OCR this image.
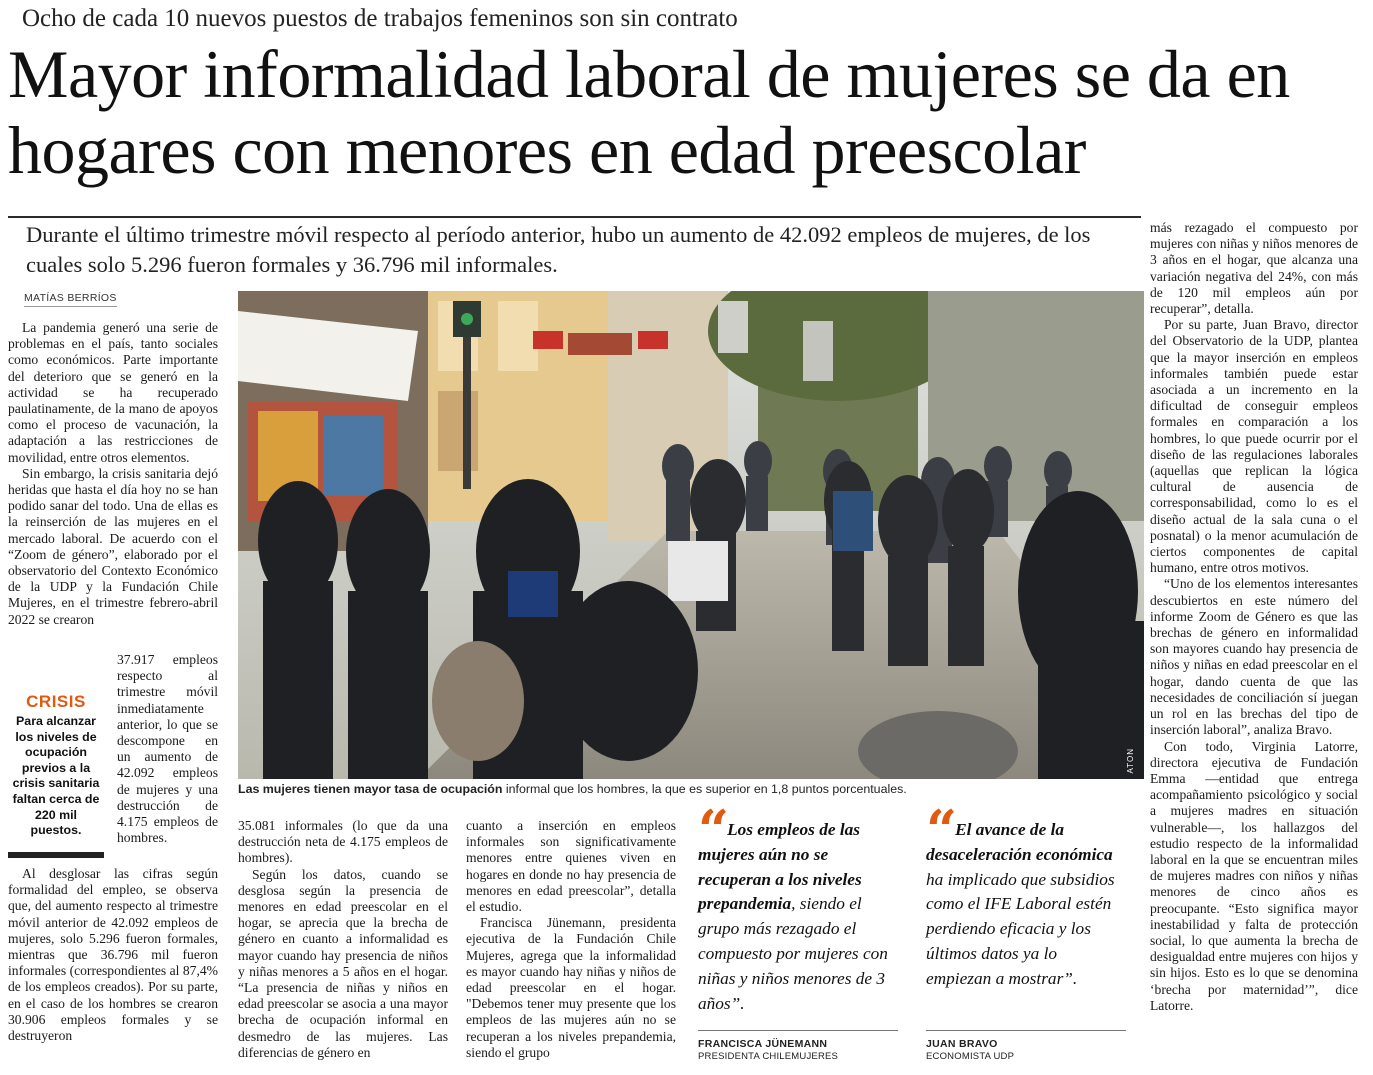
Ocho de cada 10 nuevos puestos de trabajos femeninos son sin contrato
Mayor informalidad laboral de mujeres se da en hogares con menores en edad preescolar
Durante el último trimestre móvil respecto al período anterior, hubo un aumento de 42.092 empleos de mujeres, de los cuales solo 5.296 fueron formales y 36.796 mil informales.
MATÍAS BERRÍOS

La pandemia generó una serie de problemas en el país, tanto sociales como económicos. Parte importante del deterioro que se generó en la actividad se ha recuperado paulatinamente, de la mano de apoyos como el proceso de vacunación, la adaptación a las restricciones de movilidad, entre otros elementos.

Sin embargo, la crisis sanitaria dejó heridas que hasta el día hoy no se han podido sanar del todo. Una de ellas es la reinserción de las mujeres en el mercado laboral. De acuerdo con el “Zoom de género”, elaborado por el observatorio del Contexto Económico de la UDP y la Fundación Chile Mujeres, en el trimestre febrero-abril 2022 se crearon

37.917 empleos respecto al trimestre móvil inmediatamente anterior, lo que se descompone en un aumento de 42.092 empleos de mujeres y una destrucción de 4.175 empleos de hombres.

CRISIS
Para alcanzar los niveles de ocupación previos a la crisis sanitaria faltan cerca de 220 mil puestos.

Al desglosar las cifras según formalidad del empleo, se observa que, del aumento respecto al trimestre móvil anterior de 42.092 empleos de mujeres, solo 5.296 fueron formales, mientras que 36.796 mil fueron informales (correspondientes al 87,4% de los empleos creados). Por su parte, en el caso de los hombres se crearon 30.906 empleos formales y se destruyeron

ATON
Las mujeres tienen mayor tasa de ocupación informal que los hombres, la que es superior en 1,8 puntos porcentuales.

35.081 informales (lo que da una destrucción neta de 4.175 empleos de hombres).

Según los datos, cuando se desglosa según la presencia de menores en edad preescolar en el hogar, se aprecia que la brecha de género en cuanto a informalidad es mayor cuando hay presencia de niños y niñas menores a 5 años en el hogar. “La presencia de niñas y niños en edad preescolar se asocia a una mayor brecha de ocupación informal en desmedro de las mujeres. Las diferencias de género en

cuanto a inserción en empleos informales son significativamente menores entre quienes viven en hogares en donde no hay presencia de menores en edad preescolar”, detalla el estudio.

Francisca Jünemann, presidenta ejecutiva de la Fundación Chile Mujeres, agrega que la informalidad es mayor cuando hay niñas y niños de edad preescolar en el hogar. "Debemos tener muy presente que los empleos de las mujeres aún no se recuperan a los niveles prepandemia, siendo el grupo

“ Los empleos de las mujeres aún no se recuperan a los niveles prepandemia, siendo el grupo más rezagado el compuesto por mujeres con niñas y niños menores de 3 años”.
FRANCISCA JÜNEMANN
PRESIDENTA CHILEMUJERES
“ El avance de la desaceleración económica ha implicado que subsidios como el IFE Laboral estén perdiendo eficacia y los últimos datos ya lo empiezan a mostrar”.
JUAN BRAVO
ECONOMISTA UDP

más rezagado el compuesto por mujeres con niñas y niños menores de 3 años en el hogar, que alcanza una variación negativa del 24%, con más de 120 mil empleos aún por recuperar”, detalla.

Por su parte, Juan Bravo, director del Observatorio de la UDP, plantea que la mayor inserción en empleos informales también puede estar asociada a un incremento en la dificultad de conseguir empleos formales en comparación a los hombres, lo que puede ocurrir por el diseño de las regulaciones laborales (aquellas que replican la lógica cultural de ausencia de corresponsabilidad, como lo es el diseño actual de la sala cuna o el posnatal) o la menor acumulación de ciertos componentes de capital humano, entre otros motivos.

“Uno de los elementos interesantes descubiertos en este número del informe Zoom de Género es que las brechas de género en informalidad son mayores cuando hay presencia de niños y niñas en edad preescolar en el hogar, dando cuenta de que las necesidades de conciliación sí juegan un rol en las brechas del tipo de inserción laboral”, analiza Bravo.

Con todo, Virginia Latorre, directora ejecutiva de Fundación Emma —entidad que entrega acompañamiento psicológico y social a mujeres madres en situación vulnerable—, los hallazgos del estudio respecto de la informalidad laboral en la que se encuentran miles de mujeres madres con niños y niñas menores de cinco años es preocupante. “Esto significa mayor inestabilidad y falta de protección social, lo que aumenta la brecha de desigualdad entre mujeres con hijos y sin hijos. Esto es lo que se denomina ‘brecha por maternidad’”, dice Latorre.
